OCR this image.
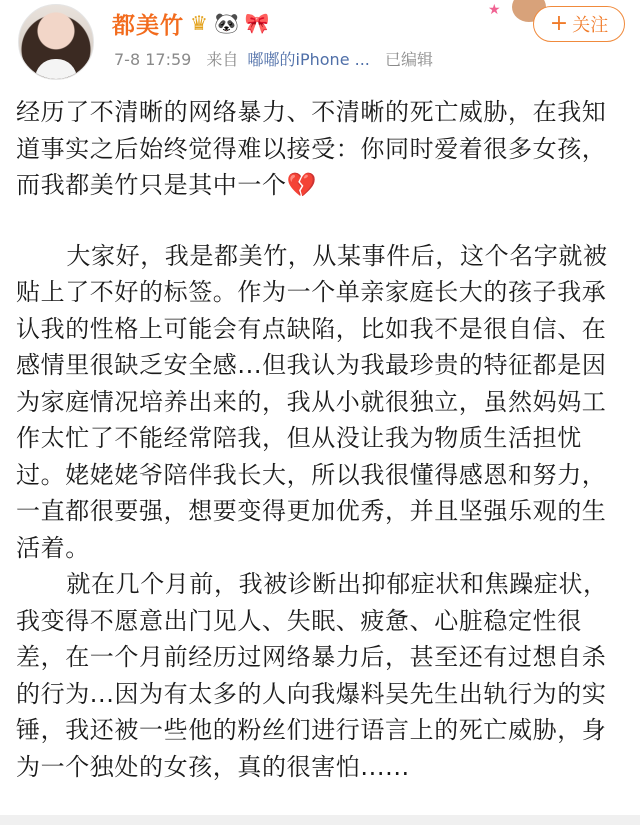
都美竹 ♛ 🐼 🎀
7-8 17:59 来自 嘟嘟的iPhone ... 已编辑
★
+ 关注

经历了不清晰的网络暴力、不清晰的死亡威胁，在我知道事实之后始终觉得难以接受：你同时爱着很多女孩，而我都美竹只是其中一个💔

大家好，我是都美竹，从某事件后，这个名字就被贴上了不好的标签。作为一个单亲家庭长大的孩子我承认我的性格上可能会有点缺陷，比如我不是很自信、在感情里很缺乏安全感...但我认为我最珍贵的特征都是因为家庭情况培养出来的，我从小就很独立，虽然妈妈工作太忙了不能经常陪我，但从没让我为物质生活担忧过。姥姥姥爷陪伴我长大，所以我很懂得感恩和努力，一直都很要强，想要变得更加优秀，并且坚强乐观的生活着。

就在几个月前，我被诊断出抑郁症状和焦躁症状，我变得不愿意出门见人、失眠、疲惫、心脏稳定性很差，在一个月前经历过网络暴力后，甚至还有过想自杀的行为...因为有太多的人向我爆料吴先生出轨行为的实锤，我还被一些他的粉丝们进行语言上的死亡威胁，身为一个独处的女孩，真的很害怕......
